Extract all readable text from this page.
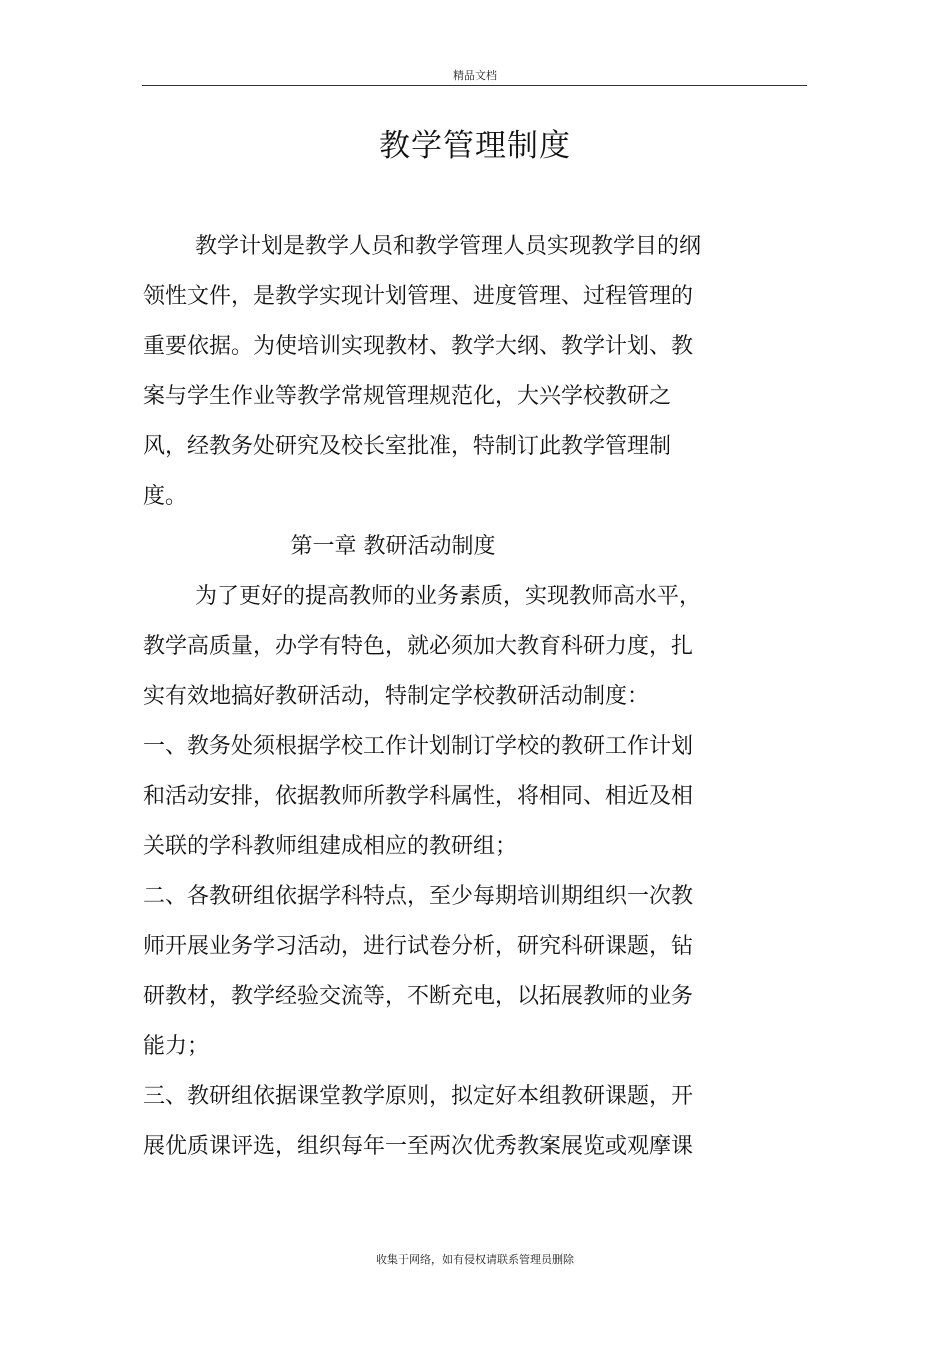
精品文档
教学管理制度
教学计划是教学人员和教学管理人员实现教学目的纲
领性文件，是教学实现计划管理、进度管理、过程管理的
重要依据。为使培训实现教材、教学大纲、教学计划、教
案与学生作业等教学常规管理规范化，大兴学校教研之
风，经教务处研究及校长室批准，特制订此教学管理制
度。
第一章 教研活动制度
为了更好的提高教师的业务素质，实现教师高水平，
教学高质量，办学有特色，就必须加大教育科研力度，扎
实有效地搞好教研活动，特制定学校教研活动制度：
一、教务处须根据学校工作计划制订学校的教研工作计划
和活动安排，依据教师所教学科属性，将相同、相近及相
关联的学科教师组建成相应的教研组；
二、各教研组依据学科特点，至少每期培训期组织一次教
师开展业务学习活动，进行试卷分析，研究科研课题，钻
研教材，教学经验交流等，不断充电，以拓展教师的业务
能力；
三、教研组依据课堂教学原则，拟定好本组教研课题，开
展优质课评选，组织每年一至两次优秀教案展览或观摩课
收集于网络，如有侵权请联系管理员删除
